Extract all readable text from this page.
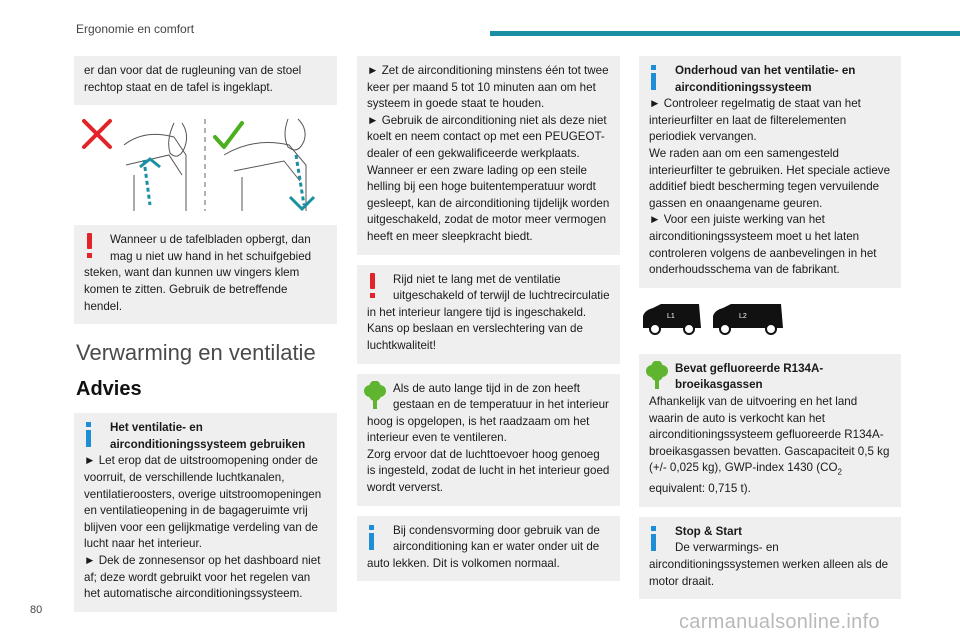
Ergonomie en comfort

er dan voor dat de rugleuning van de stoel rechtop staat en de tafel is ingeklapt.

Wanneer u de tafelbladen opbergt, dan mag u niet uw hand in het schuifgebied steken, want dan kunnen uw vingers klem komen te zitten. Gebruik de betreffende hendel.

Verwarming en ventilatie
Advies

Het ventilatie- en airconditioningssysteem gebruiken

► Let erop dat de uitstroomopening onder de voorruit, de verschillende luchtkanalen, ventilatieroosters, overige uitstroomopeningen en ventilatieopening in de bagageruimte vrij blijven voor een gelijkmatige verdeling van de lucht naar het interieur.

► Dek de zonnesensor op het dashboard niet af; deze wordt gebruikt voor het regelen van het automatische airconditioningssysteem.

► Zet de airconditioning minstens één tot twee keer per maand 5 tot 10 minuten aan om het systeem in goede staat te houden.

► Gebruik de airconditioning niet als deze niet koelt en neem contact op met een PEUGEOT-dealer of een gekwalificeerde werkplaats.

Wanneer er een zware lading op een steile helling bij een hoge buitentemperatuur wordt gesleept, kan de airconditioning tijdelijk worden uitgeschakeld, zodat de motor meer vermogen heeft en meer sleepkracht biedt.

Rijd niet te lang met de ventilatie uitgeschakeld of terwijl de luchtrecirculatie in het interieur langere tijd is ingeschakeld. Kans op beslaan en verslechtering van de luchtkwaliteit!

Als de auto lange tijd in de zon heeft gestaan en de temperatuur in het interieur hoog is opgelopen, is het raadzaam om het interieur even te ventileren.

Zorg ervoor dat de luchttoevoer hoog genoeg is ingesteld, zodat de lucht in het interieur goed wordt ververst.

Bij condensvorming door gebruik van de airconditioning kan er water onder uit de auto lekken. Dit is volkomen normaal.

Onderhoud van het ventilatie- en airconditioningssysteem

► Controleer regelmatig de staat van het interieurfilter en laat de filterelementen periodiek vervangen.

We raden aan om een samengesteld interieurfilter te gebruiken. Het speciale actieve additief biedt bescherming tegen vervuilende gassen en onaangename geuren.

► Voor een juiste werking van het airconditioningssysteem moet u het laten controleren volgens de aanbevelingen in het onderhoudsschema van de fabrikant.

L1	L2

Bevat gefluoreerde R134A-broeikasgassen

Afhankelijk van de uitvoering en het land waarin de auto is verkocht kan het airconditioningssysteem gefluoreerde R134A-broeikasgassen bevatten. Gascapaciteit 0,5 kg (+/- 0,025 kg), GWP-index 1430 ($CO_2$ equivalent: 0,715 t).

Stop & Start

De verwarmings- en airconditioningssystemen werken alleen als de motor draait.

80
carmanualsonline.info
